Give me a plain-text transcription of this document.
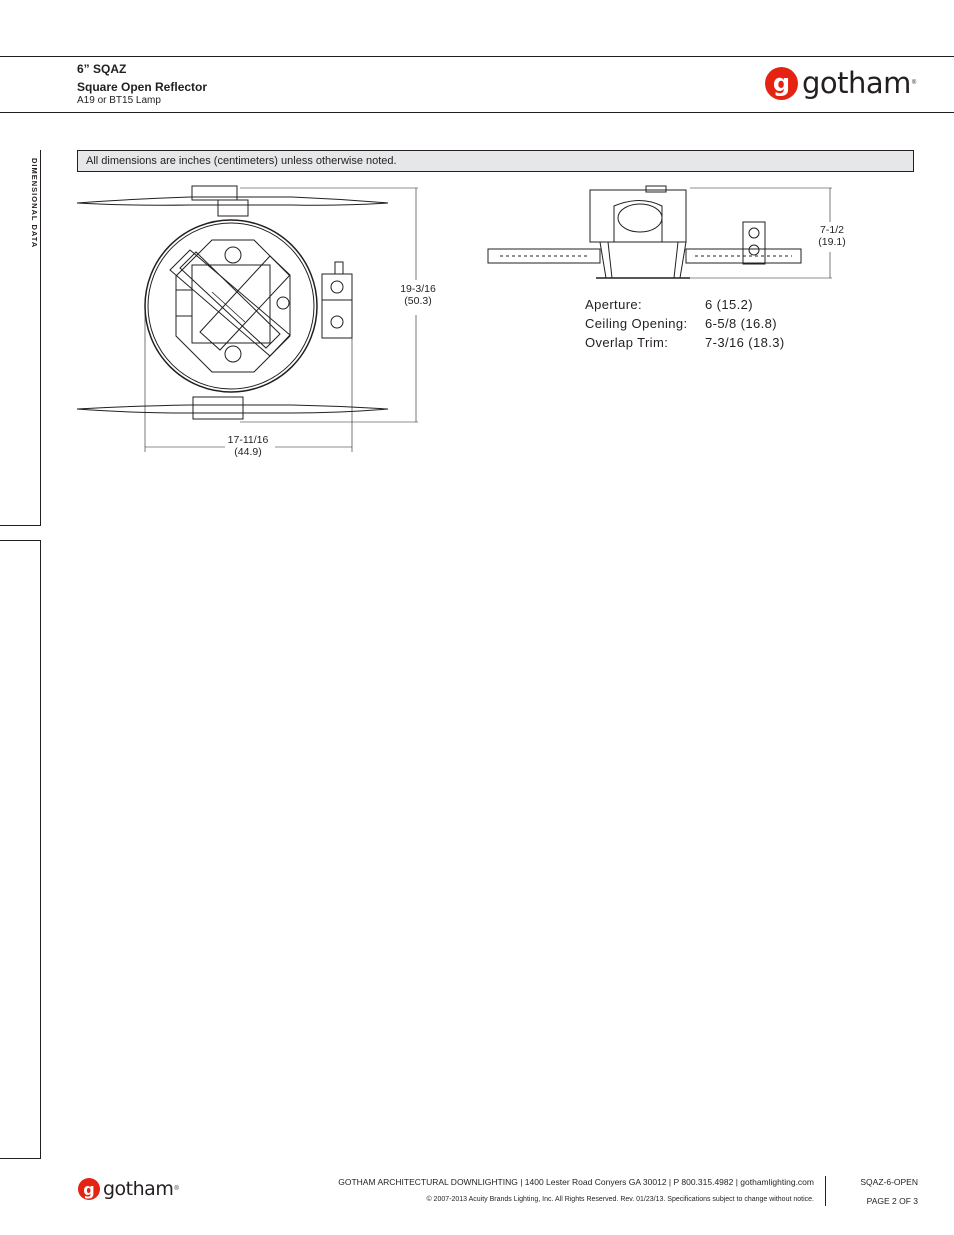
6” SQAZ
Square Open Reflector
A19 or BT15 Lamp
g gotham ®
DIMENSIONAL DATA	All dimensions are inches (centimeters) unless otherwise noted.
19-3/16
(50.3)
17-11/16
(44.9)
7-1/2
(19.1)
Aperture:	6 (15.2)
Ceiling Opening: 6-5/8 (16.8)
Overlap Trim:	7-3/16 (18.3)
g gotham ®
GOTHAM ARCHITECTURAL DOWNLIGHTING | 1400 Lester Road Conyers GA 30012 | P 800.315.4982 | gothamlighting.com
© 2007-2013 Acuity Brands Lighting, Inc. All Rights Reserved. Rev. 01/23/13. Specifications subject to change without notice.
SQAZ-6-OPEN
PAGE 2 OF 3
